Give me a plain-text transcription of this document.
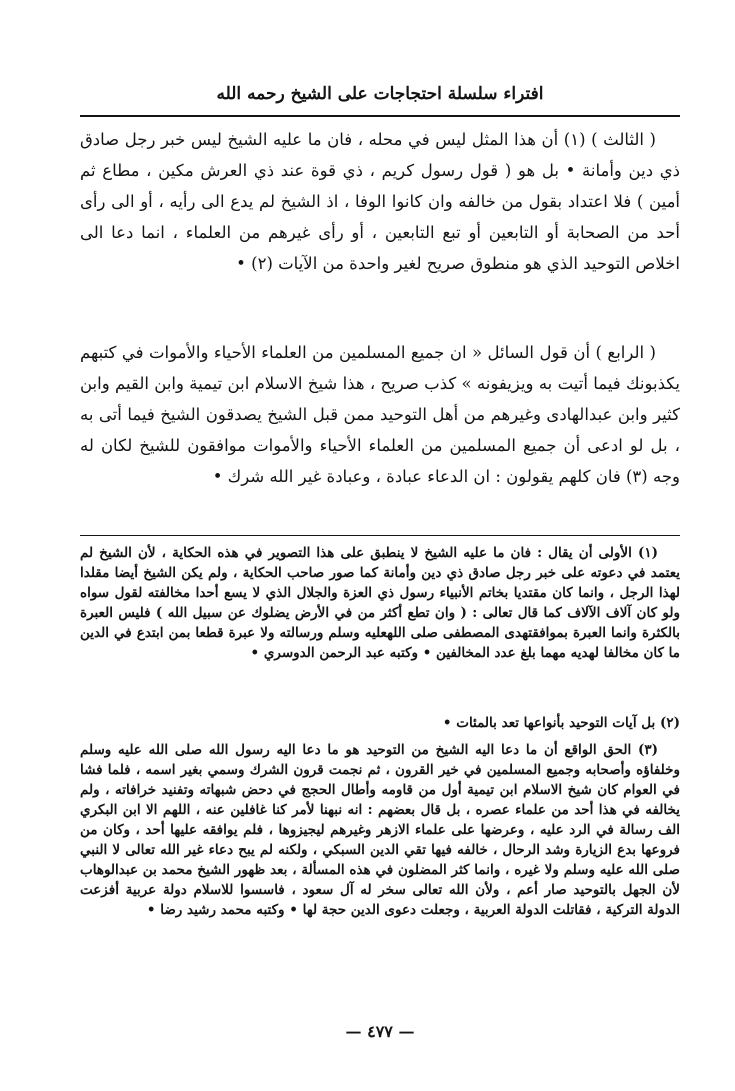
افتراء سلسلة احتجاجات على الشيخ رحمه الله
( الثالث ) (١) أن هذا المثل ليس في محله ، فان ما عليه الشيخ ليس خبر رجل صادق ذي دين وأمانة • بل هو ( قول رسول كريم ، ذي قوة عند ذي العرش مكين ، مطاع ثم أمين ) فلا اعتداد بقول من خالفه وان كانوا الوفا ، اذ الشيخ لم يدع الى رأيه ، أو الى رأى أحد من الصحابة أو التابعين أو تبع التابعين ، أو رأى غيرهم من العلماء ، انما دعا الى اخلاص التوحيد الذي هو منطوق صريح لغير واحدة من الآيات (٢) •
( الرابع ) أن قول السائل « ان جميع المسلمين من العلماء الأحياء والأموات في كتبهم يكذبونك فيما أتيت به ويزيفونه » كذب صريح ، هذا شيخ الاسلام ابن تيمية وابن القيم وابن كثير وابن عبدالهادى وغيرهم من أهل التوحيد ممن قبل الشيخ يصدقون الشيخ فيما أتى به ، بل لو ادعى أن جميع المسلمين من العلماء الأحياء والأموات موافقون للشيخ لكان له وجه (٣) فان كلهم يقولون : ان الدعاء عبادة ، وعبادة غير الله شرك •
(١) الأولى أن يقال : فان ما عليه الشيخ لا ينطبق على هذا التصوير في هذه الحكاية ، لأن الشيخ لم يعتمد في دعوته على خبر رجل صادق ذي دين وأمانة كما صور صاحب الحكاية ، ولم يكن الشيخ أيضا مقلدا لهذا الرجل ، وانما كان مقتديا بخاتم الأنبياء رسول ذي العزة والجلال الذي لا يسع أحدا مخالفته لقول سواه ولو كان آلاف الآلاف كما قال تعالى : ( وان تطع أكثر من في الأرض يضلوك عن سبيل الله ) فليس العبرة بالكثرة وانما العبرة بموافقتهدى المصطفى صلى اللهعليه وسلم ورسالته ولا عبرة قطعا بمن ابتدع في الدين ما كان مخالفا لهديه مهما بلغ عدد المخالفين • وكتبه عبد الرحمن الدوسري •
(٢) بل آيات التوحيد بأنواعها تعد بالمئات •
(٣) الحق الواقع أن ما دعا اليه الشيخ من التوحيد هو ما دعا اليه رسول الله صلى الله عليه وسلم وخلفاؤه وأصحابه وجميع المسلمين في خير القرون ، ثم نجمت قرون الشرك وسمي بغير اسمه ، فلما فشا في العوام كان شيخ الاسلام ابن تيمية أول من قاومه وأطال الحجج في دحض شبهاته وتفنيد خرافاته ، ولم يخالفه في هذا أحد من علماء عصره ، بل قال بعضهم : انه نبهنا لأمر كنا غافلين عنه ، اللهم الا ابن البكري الف رسالة في الرد عليه ، وعرضها على علماء الازهر وغيرهم ليجيزوها ، فلم يوافقه عليها أحد ، وكان من فروعها بدع الزيارة وشد الرحال ، خالفه فيها تقي الدين السبكي ، ولكنه لم يبح دعاء غير الله تعالى لا النبي صلى الله عليه وسلم ولا غيره ، وانما كثر المضلون في هذه المسألة ، بعد ظهور الشيخ محمد بن عبدالوهاب لأن الجهل بالتوحيد صار أعم ، ولأن الله تعالى سخر له آل سعود ، فاسسوا للاسلام دولة عربية أفزعت الدولة التركية ، فقاتلت الدولة العربية ، وجعلت دعوى الدين حجة لها • وكتبه محمد رشيد رضا •
— ٤٧٧ —
